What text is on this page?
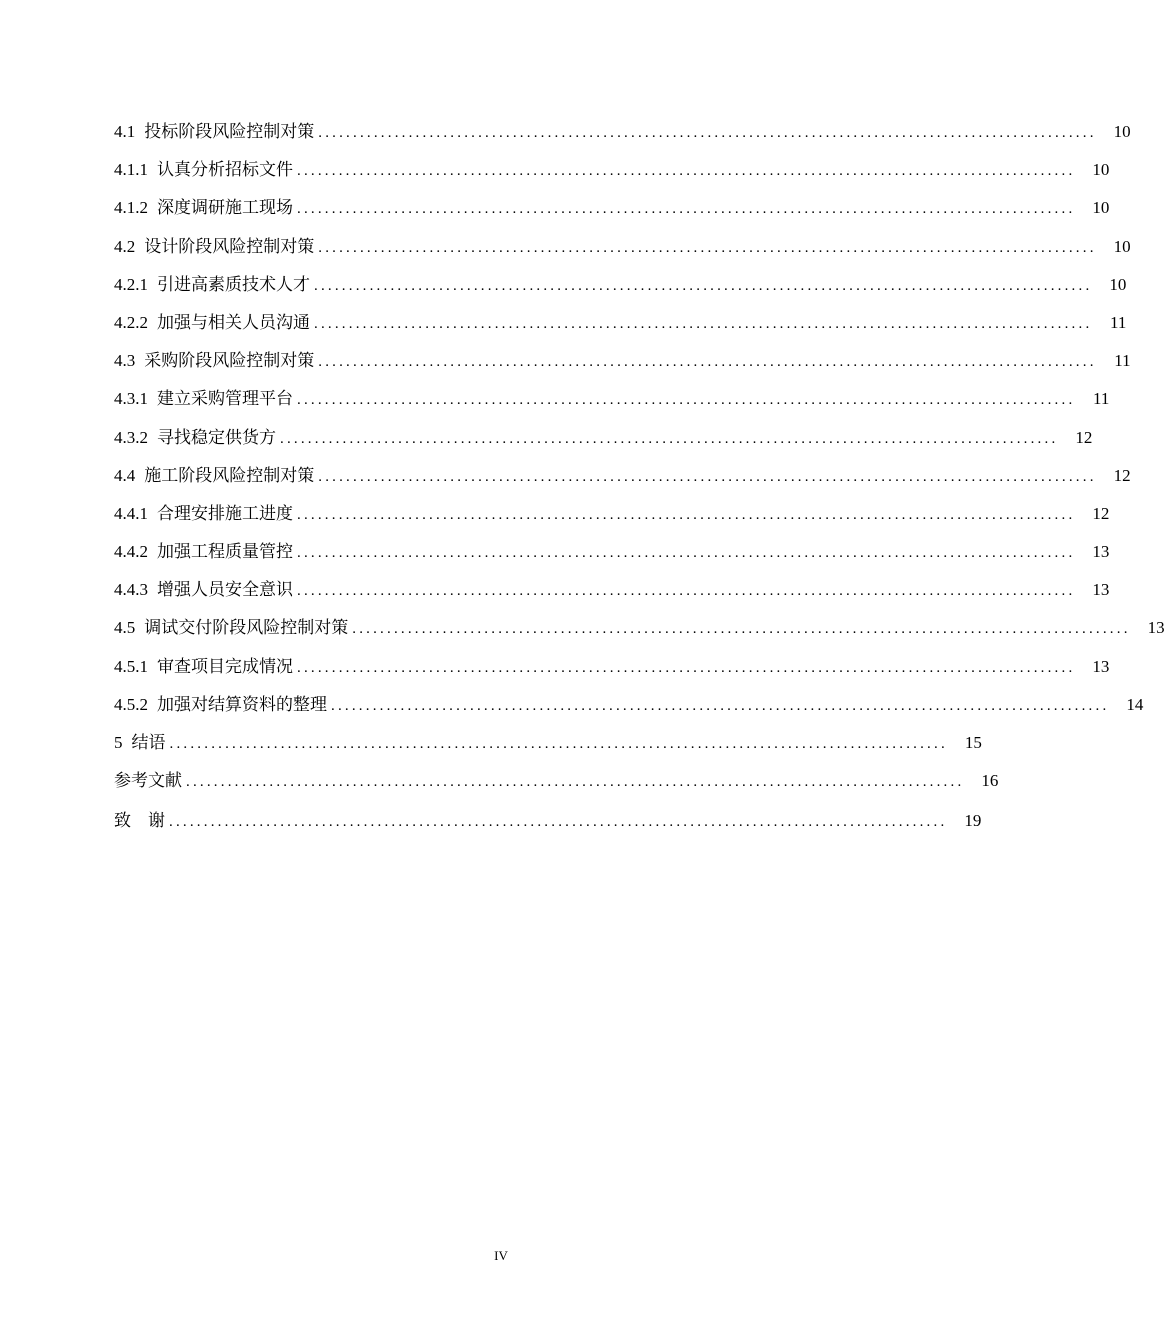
4.1 投标阶段风险控制对策 ................................................................................................................ 10
4.1.1 认真分析招标文件 ................................................................................................................ 10
4.1.2 深度调研施工现场 ................................................................................................................ 10
4.2 设计阶段风险控制对策 ................................................................................................................ 10
4.2.1 引进高素质技术人才 ................................................................................................................ 10
4.2.2 加强与相关人员沟通 ................................................................................................................	11
4.3 采购阶段风险控制对策 ................................................................................................................	11
4.3.1 建立采购管理平台 ................................................................................................................	11
4.3.2 寻找稳定供货方 ................................................................................................................ 12
4.4 施工阶段风险控制对策 ................................................................................................................ 12
4.4.1 合理安排施工进度 ................................................................................................................ 12
4.4.2 加强工程质量管控 ................................................................................................................ 13
4.4.3 增强人员安全意识 ................................................................................................................ 13
4.5 调试交付阶段风险控制对策 ................................................................................................................ 13
4.5.1 审查项目完成情况 ................................................................................................................ 13
4.5.2 加强对结算资料的整理 ................................................................................................................ 14
5 结语 ................................................................................................................ 15
参考文献 ................................................................................................................ 16
致　谢 ................................................................................................................ 19
IV
